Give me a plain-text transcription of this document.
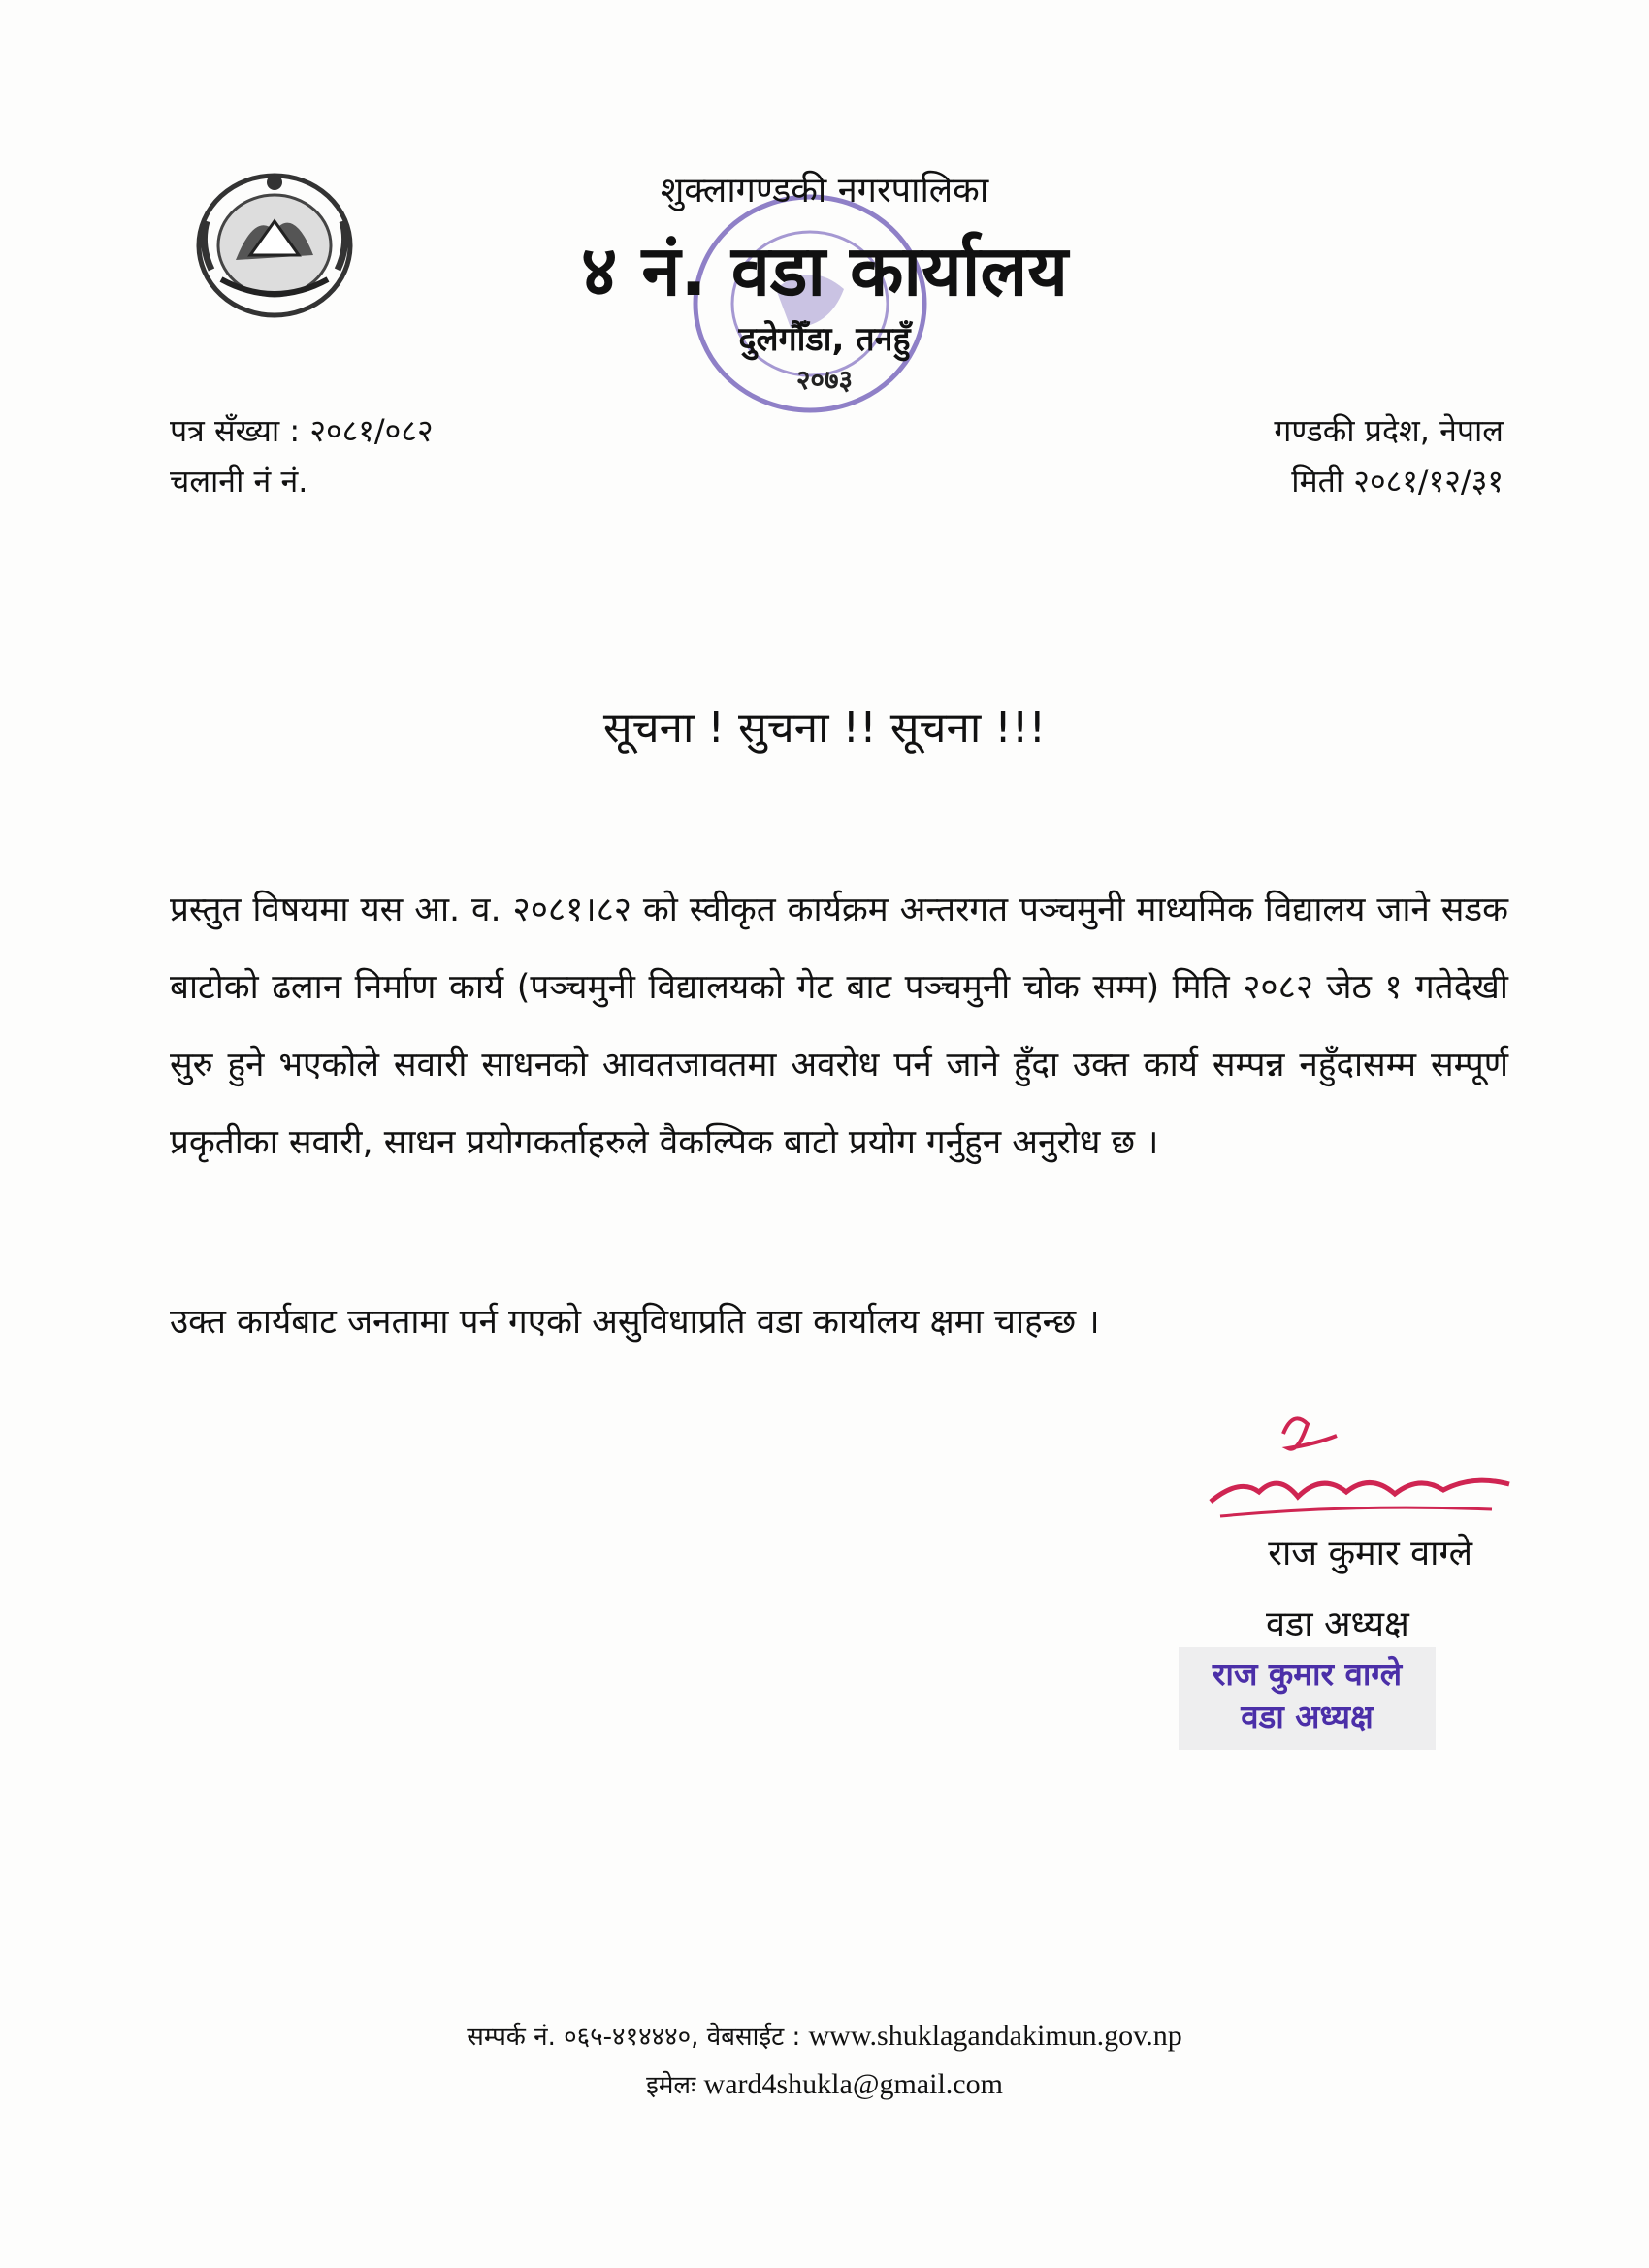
शुक्लागण्डकी नगरपालिका
४ नं. वडा कार्यालय
दुलेगौँडा, तनहुँ
२०७३
पत्र सँख्या : २०८१/०८२
चलानी नं नं.
गण्डकी प्रदेश, नेपाल
मिती २०८१/१२/३१
सूचना ! सुचना !! सूचना !!!
प्रस्तुत विषयमा यस आ. व. २०८१।८२ को स्वीकृत कार्यक्रम अन्तरगत पञ्चमुनी माध्यमिक विद्यालय जाने सडक बाटोको ढलान निर्माण कार्य (पञ्चमुनी विद्यालयको गेट बाट पञ्चमुनी चोक सम्म) मिति २०८२ जेठ १ गतेदेखी सुरु हुने भएकोले सवारी साधनको आवतजावतमा अवरोध पर्न जाने हुँदा उक्त कार्य सम्पन्न नहुँदासम्म सम्पूर्ण प्रकृतीका सवारी, साधन प्रयोगकर्ताहरुले वैकल्पिक बाटो प्रयोग गर्नुहुन अनुरोध छ ।
उक्त कार्यबाट जनतामा पर्न गएको असुविधाप्रति वडा कार्यालय क्षमा चाहन्छ ।
राज कुमार वाग्ले
वडा अध्यक्ष
राज कुमार वाग्ले
वडा अध्यक्ष
सम्पर्क नं. ०६५-४१४४४०, वेबसाईट : www.shuklagandakimun.gov.np
इमेलः ward4shukla@gmail.com
